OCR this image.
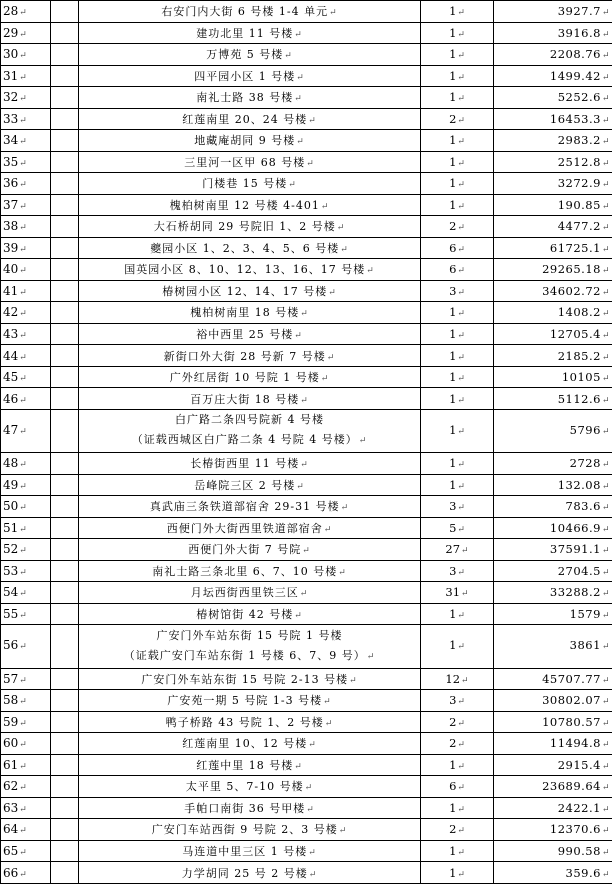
28↵		右安门内大街 6 号楼 1-4 单元↵	1↵	3927.7↵
29↵		建功北里 11 号楼↵	1↵	3916.8↵
30↵		万博苑 5 号楼↵	1↵	2208.76↵
31↵		四平园小区 1 号楼↵	1↵	1499.42↵
32↵		南礼士路 38 号楼↵	1↵	5252.6↵
33↵		红莲南里 20、24 号楼↵	2↵	16453.3↵
34↵		地藏庵胡同 9 号楼↵	1↵	2983.2↵
35↵		三里河一区甲 68 号楼↵	1↵	2512.8↵
36↵		门楼巷 15 号楼↵	1↵	3272.9↵
37↵		槐柏树南里 12 号楼 4-401↵	1↵	190.85↵
38↵		大石桥胡同 29 号院旧 1、2 号楼↵	2↵	4477.2↵
39↵		夔园小区 1、2、3、4、5、6 号楼↵	6↵	61725.1↵
40↵		国英园小区 8、10、12、13、16、17 号楼↵	6↵	29265.18↵
41↵		椿树园小区 12、14、17 号楼↵	3↵	34602.72↵
42↵		槐柏树南里 18 号楼↵	1↵	1408.2↵
43↵		裕中西里 25 号楼↵	1↵	12705.4↵
44↵		新街口外大街 28 号新 7 号楼↵	1↵	2185.2↵
45↵		广外红居街 10 号院 1 号楼↵	1↵	10105↵
46↵		百万庄大街 18 号楼↵	1↵	5112.6↵
47↵		白广路二条四号院新 4 号楼
（证载西城区白广路二条 4 号院 4 号楼）↵	1↵	5796↵
48↵		长椿街西里 11 号楼↵	1↵	2728↵
49↵		岳峰院三区 2 号楼↵	1↵	132.08↵
50↵		真武庙三条铁道部宿舍 29-31 号楼↵	3↵	783.6↵
51↵		西便门外大街西里铁道部宿舍↵	5↵	10466.9↵
52↵		西便门外大街 7 号院↵	27↵	37591.1↵
53↵		南礼士路三条北里 6、7、10 号楼↵	3↵	2704.5↵
54↵		月坛西街西里铁三区↵	31↵	33288.2↵
55↵		椿树馆街 42 号楼↵	1↵	1579↵
56↵		广安门外车站东街 15 号院 1 号楼
（证载广安门车站东街 1 号楼 6、7、9 号）↵	1↵	3861↵
57↵		广安门外车站东街 15 号院 2-13 号楼↵	12↵	45707.77↵
58↵		广安苑一期 5 号院 1-3 号楼↵	3↵	30802.07↵
59↵		鸭子桥路 43 号院 1、2 号楼↵	2↵	10780.57↵
60↵		红莲南里 10、12 号楼↵	2↵	11494.8↵
61↵		红莲中里 18 号楼↵	1↵	2915.4↵
62↵		太平里 5、7-10 号楼↵	6↵	23689.64↵
63↵		手帕口南街 36 号甲楼↵	1↵	2422.1↵
64↵		广安门车站西街 9 号院 2、3 号楼↵	2↵	12370.6↵
65↵		马连道中里三区 1 号楼↵	1↵	990.58↵
66↵		力学胡同 25 号 2 号楼↵	1↵	359.6↵
